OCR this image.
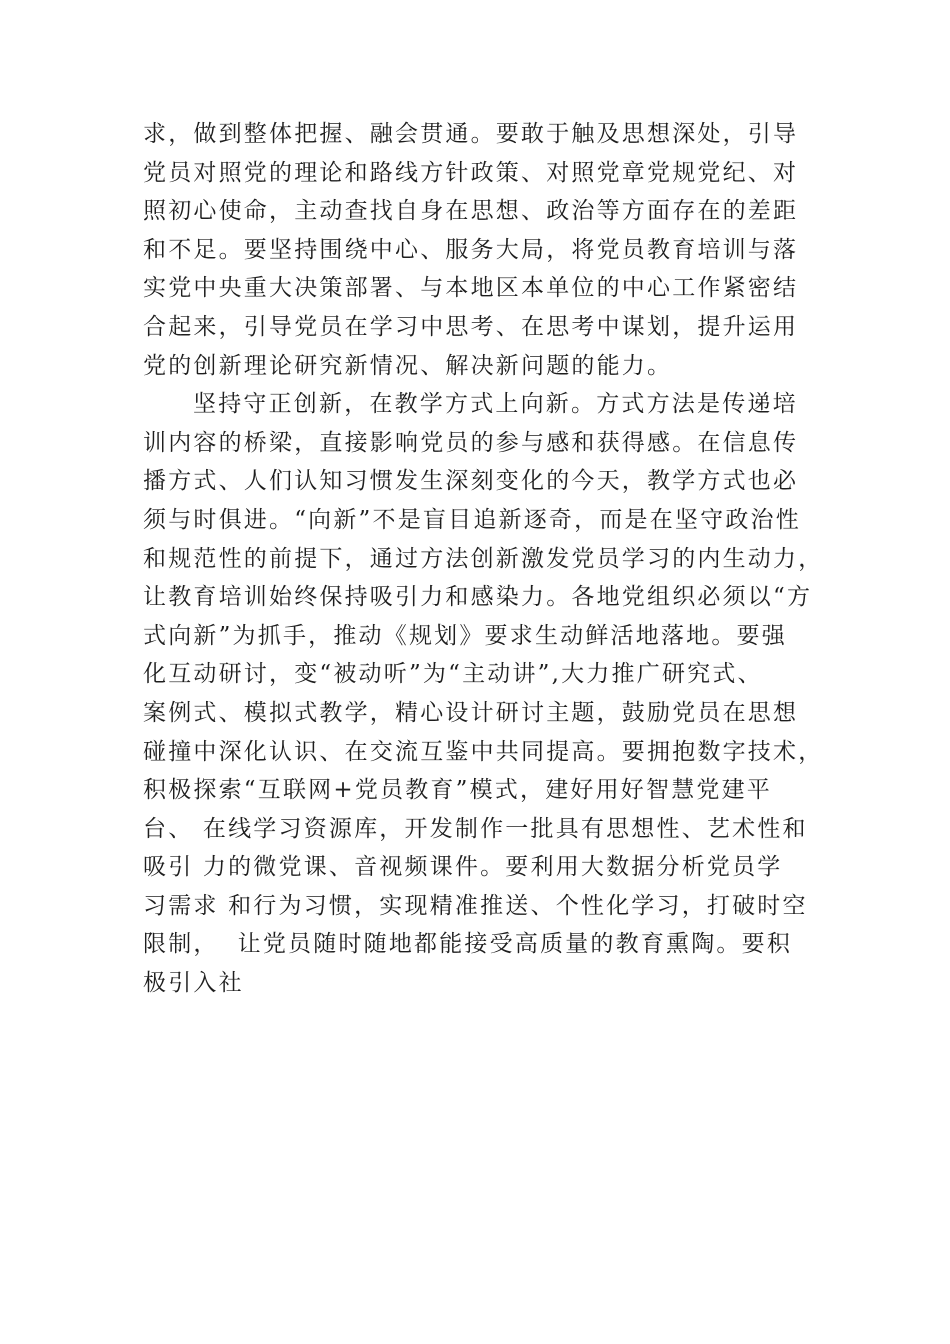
求，做到整体把握、融会贯通。要敢于触及思想深处，引导
党员对照党的理论和路线方针政策、对照党章党规党纪、对
照初心使命，主动查找自身在思想、政治等方面存在的差距
和不足。要坚持围绕中心、服务大局，将党员教育培训与落
实党中央重大决策部署、与本地区本单位的中心工作紧密结
合起来，引导党员在学习中思考、在思考中谋划，提升运用
党的创新理论研究新情况、解决新问题的能力。
坚持守正创新，在教学方式上向新。方式方法是传递培
训内容的桥梁，直接影响党员的参与感和获得感。在信息传
播方式、人们认知习惯发生深刻变化的今天，教学方式也必
须与时俱进。“向新”不是盲目追新逐奇，而是在坚守政治性
和规范性的前提下，通过方法创新激发党员学习的内生动力，
让教育培训始终保持吸引力和感染力。各地党组织必须以“方
式向新”为抓手，推动《规划》要求生动鲜活地落地。要强
化互动研讨，变“被动听”为“主动讲”,大力推广研究式、
案例式、模拟式教学，精心设计研讨主题，鼓励党员在思想
碰撞中深化认识、在交流互鉴中共同提高。要拥抱数字技术，
积极探索“互联网+党员教育”模式，建好用好智慧党建平
台、 在线学习资源库，开发制作一批具有思想性、艺术性和
吸引 力的微党课、音视频课件。要利用大数据分析党员学
习需求 和行为习惯，实现精准推送、个性化学习，打破时空
限制，  让党员随时随地都能接受高质量的教育熏陶。要积
极引入社
